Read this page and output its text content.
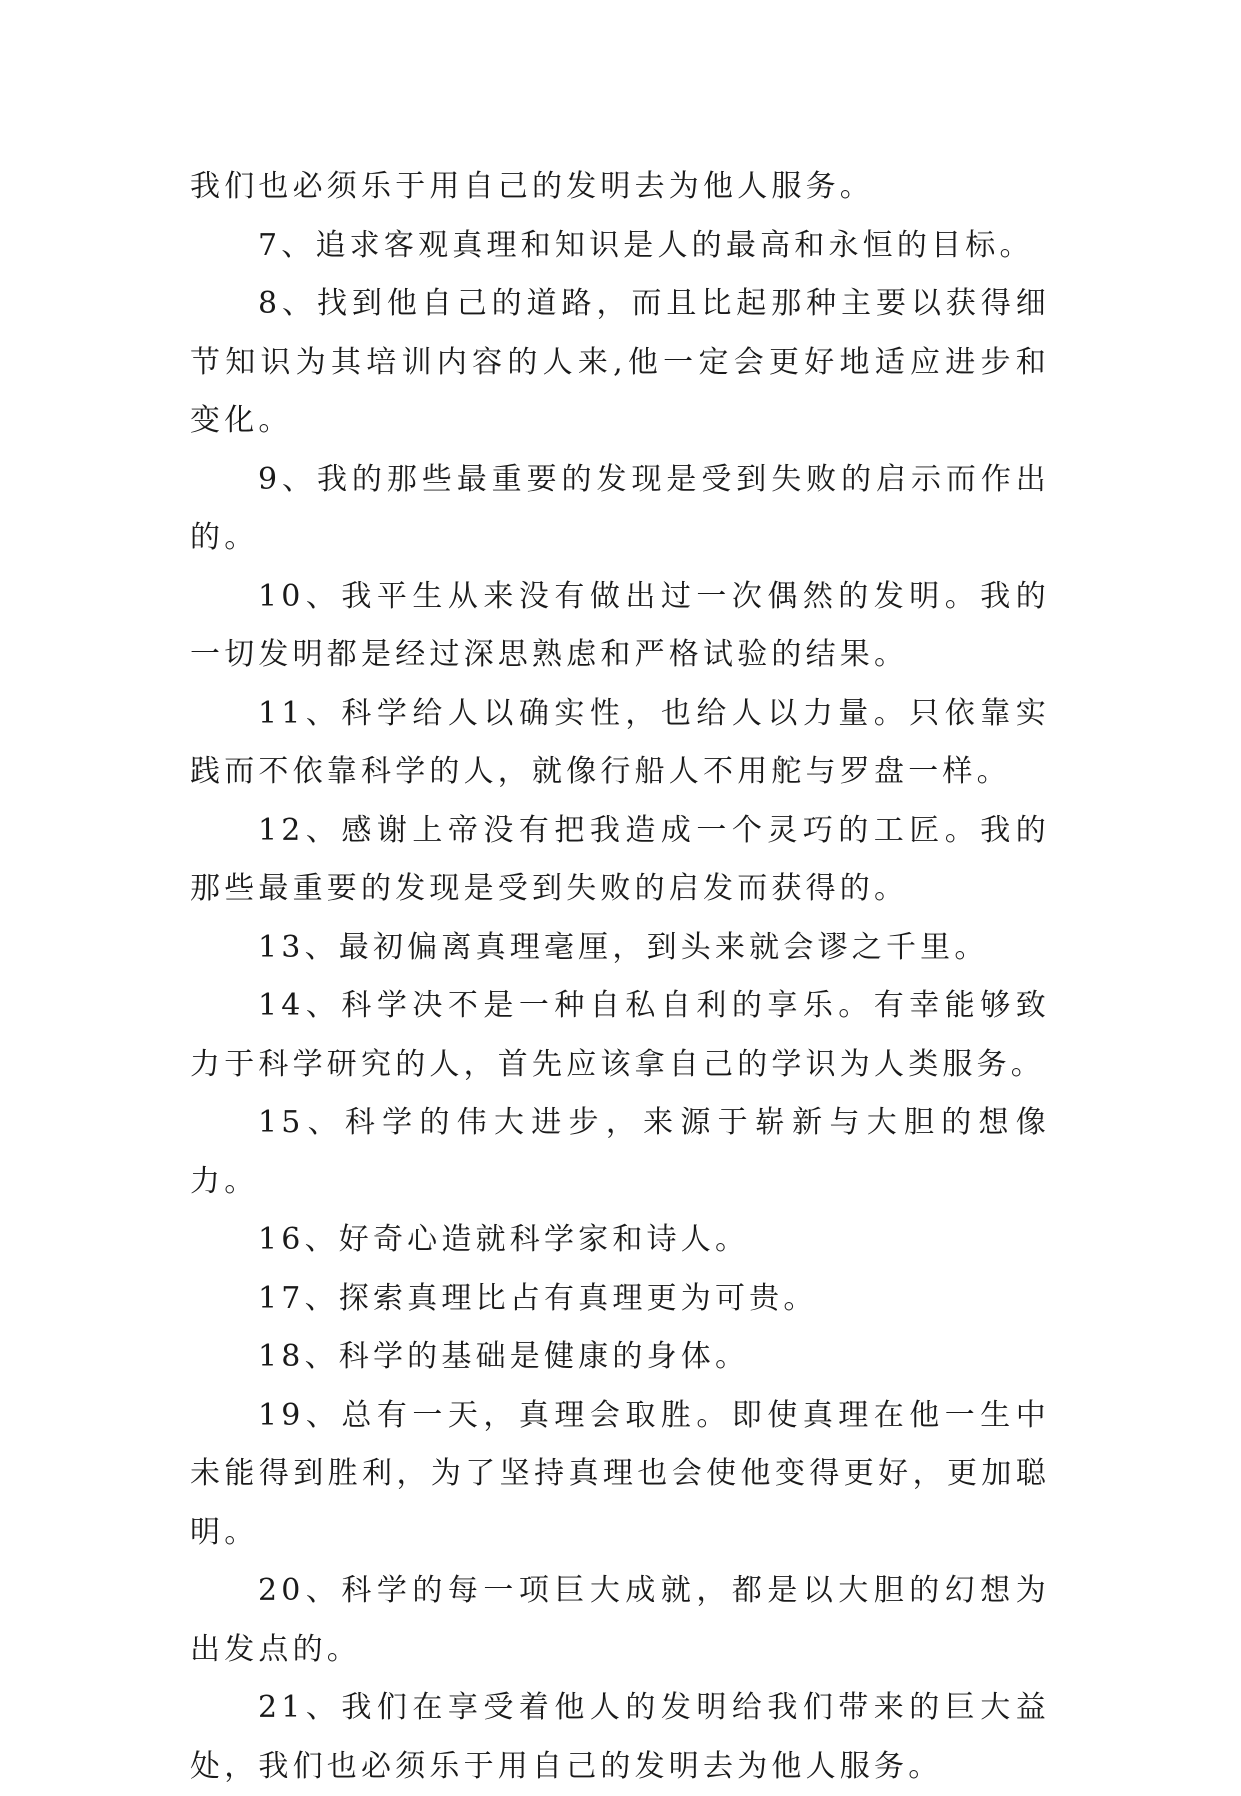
我们也必须乐于用自己的发明去为他人服务。

7、追求客观真理和知识是人的最高和永恒的目标。

8、找到他自己的道路，而且比起那种主要以获得细节知识为其培训内容的人来,他一定会更好地适应进步和变化。

9、我的那些最重要的发现是受到失败的启示而作出的。

10、我平生从来没有做出过一次偶然的发明。我的一切发明都是经过深思熟虑和严格试验的结果。

11、科学给人以确实性，也给人以力量。只依靠实践而不依靠科学的人，就像行船人不用舵与罗盘一样。

12、感谢上帝没有把我造成一个灵巧的工匠。我的那些最重要的发现是受到失败的启发而获得的。

13、最初偏离真理毫厘，到头来就会谬之千里。

14、科学决不是一种自私自利的享乐。有幸能够致力于科学研究的人，首先应该拿自己的学识为人类服务。

15、科学的伟大进步，来源于崭新与大胆的想像力。

16、好奇心造就科学家和诗人。

17、探索真理比占有真理更为可贵。

18、科学的基础是健康的身体。

19、总有一天，真理会取胜。即使真理在他一生中未能得到胜利，为了坚持真理也会使他变得更好，更加聪明。

20、科学的每一项巨大成就，都是以大胆的幻想为出发点的。

21、我们在享受着他人的发明给我们带来的巨大益处，我们也必须乐于用自己的发明去为他人服务。
